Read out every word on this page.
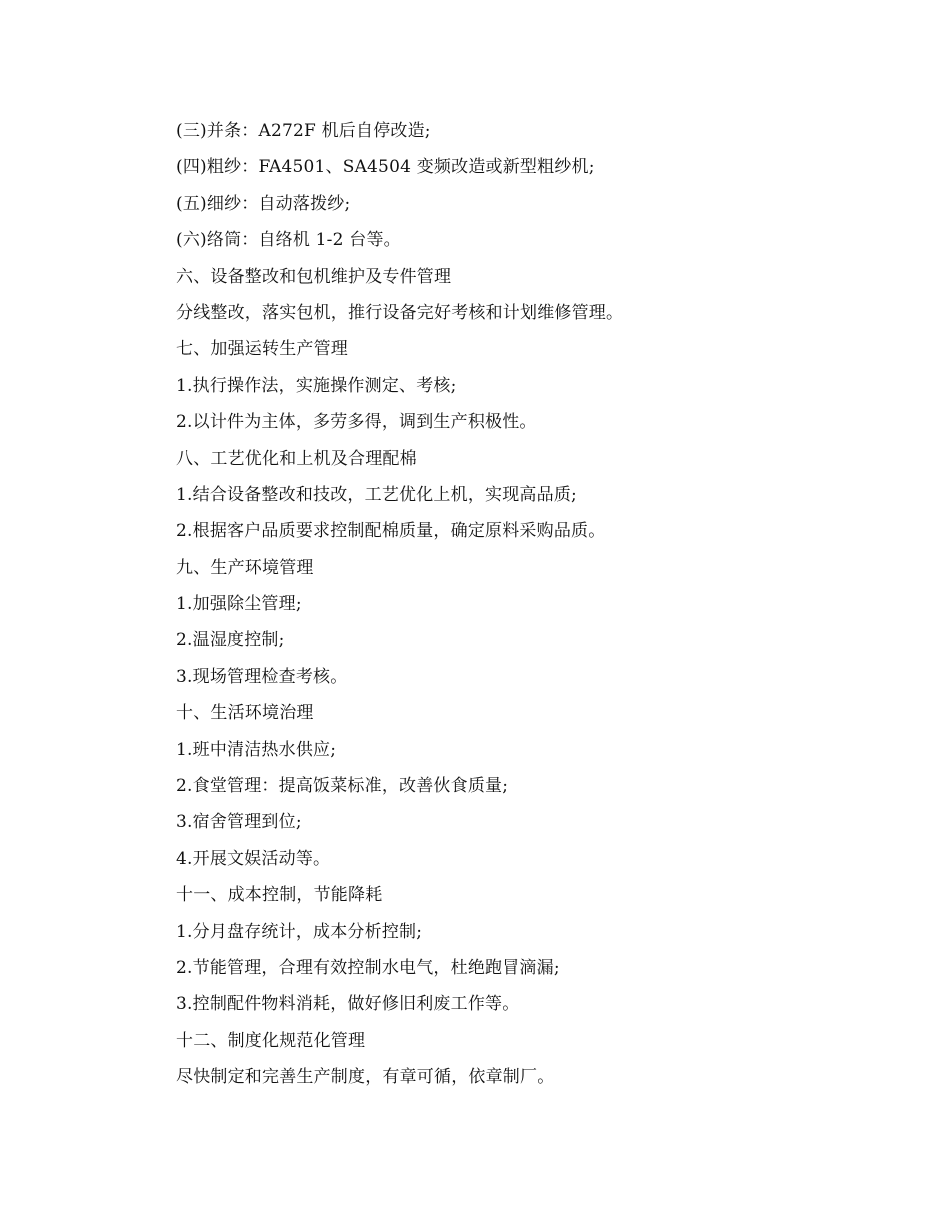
(三)并条：A272F 机后自停改造;
(四)粗纱：FA4501、SA4504 变频改造或新型粗纱机;
(五)细纱：自动落拨纱;
(六)络筒：自络机 1-2 台等。
六、设备整改和包机维护及专件管理
分线整改，落实包机，推行设备完好考核和计划维修管理。
七、加强运转生产管理
1.执行操作法，实施操作测定、考核;
2.以计件为主体，多劳多得，调到生产积极性。
八、工艺优化和上机及合理配棉
1.结合设备整改和技改，工艺优化上机，实现高品质;
2.根据客户品质要求控制配棉质量，确定原料采购品质。
九、生产环境管理
1.加强除尘管理;
2.温湿度控制;
3.现场管理检查考核。
十、生活环境治理
1.班中清洁热水供应;
2.食堂管理：提高饭菜标准，改善伙食质量;
3.宿舍管理到位;
4.开展文娱活动等。
十一、成本控制，节能降耗
1.分月盘存统计，成本分析控制;
2.节能管理，合理有效控制水电气，杜绝跑冒滴漏;
3.控制配件物料消耗，做好修旧利废工作等。
十二、制度化规范化管理
尽快制定和完善生产制度，有章可循，依章制厂。
